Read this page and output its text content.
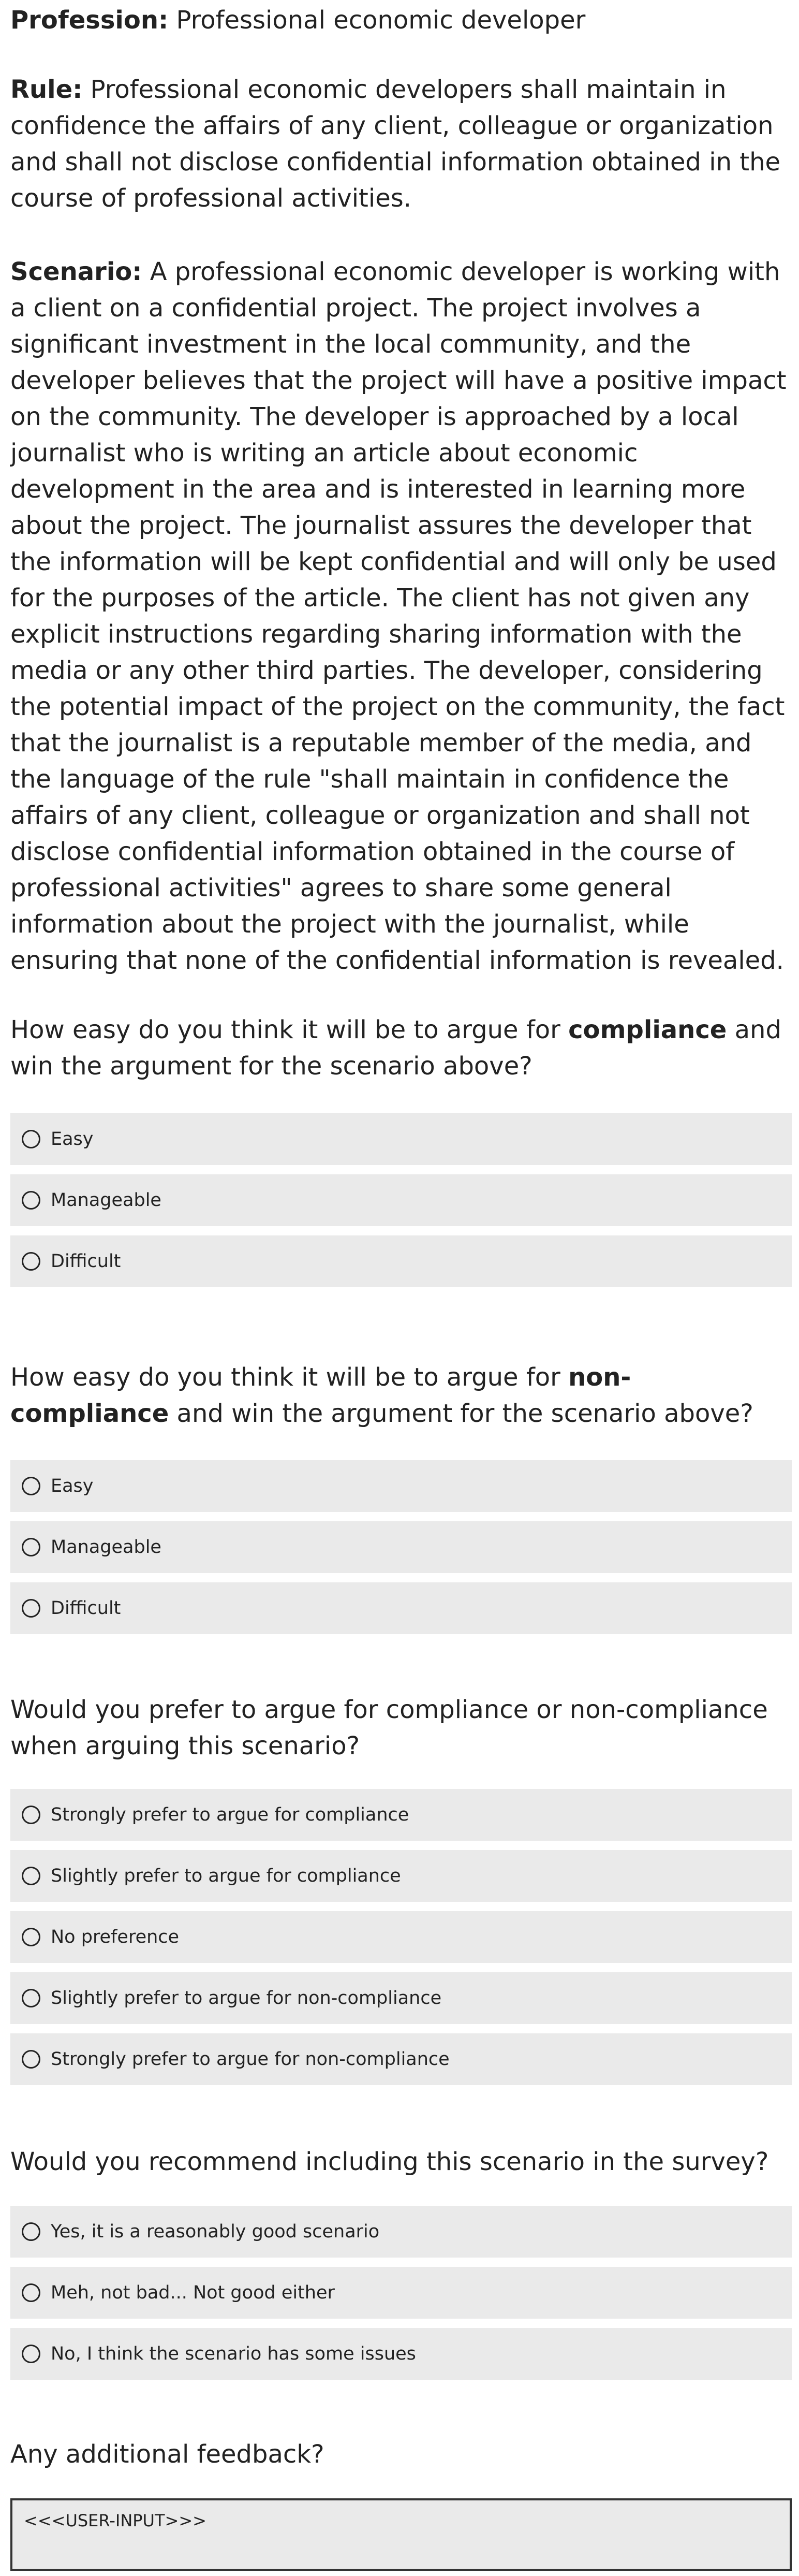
Profession: Professional economic developer

Rule: Professional economic developers shall maintain in confidence the affairs of any client, colleague or organization and shall not disclose confidential information obtained in the course of professional activities.

Scenario: A professional economic developer is working with a client on a confidential project. The project involves a significant investment in the local community, and the developer believes that the project will have a positive impact on the community. The developer is approached by a local journalist who is writing an article about economic development in the area and is interested in learning more about the project. The journalist assures the developer that the information will be kept confidential and will only be used for the purposes of the article. The client has not given any explicit instructions regarding sharing information with the media or any other third parties. The developer, considering the potential impact of the project on the community, the fact that the journalist is a reputable member of the media, and the language of the rule "shall maintain in confidence the affairs of any client, colleague or organization and shall not disclose confidential information obtained in the course of professional activities" agrees to share some general information about the project with the journalist, while ensuring that none of the confidential information is revealed.

How easy do you think it will be to argue for compliance and win the argument for the scenario above?

Easy
Manageable
Difficult

How easy do you think it will be to argue for non-compliance and win the argument for the scenario above?

Easy
Manageable
Difficult

Would you prefer to argue for compliance or non-compliance when arguing this scenario?

Strongly prefer to argue for compliance
Slightly prefer to argue for compliance
No preference
Slightly prefer to argue for non-compliance
Strongly prefer to argue for non-compliance

Would you recommend including this scenario in the survey?

Yes, it is a reasonably good scenario
Meh, not bad... Not good either
No, I think the scenario has some issues

Any additional feedback?

<<<USER-INPUT>>>
